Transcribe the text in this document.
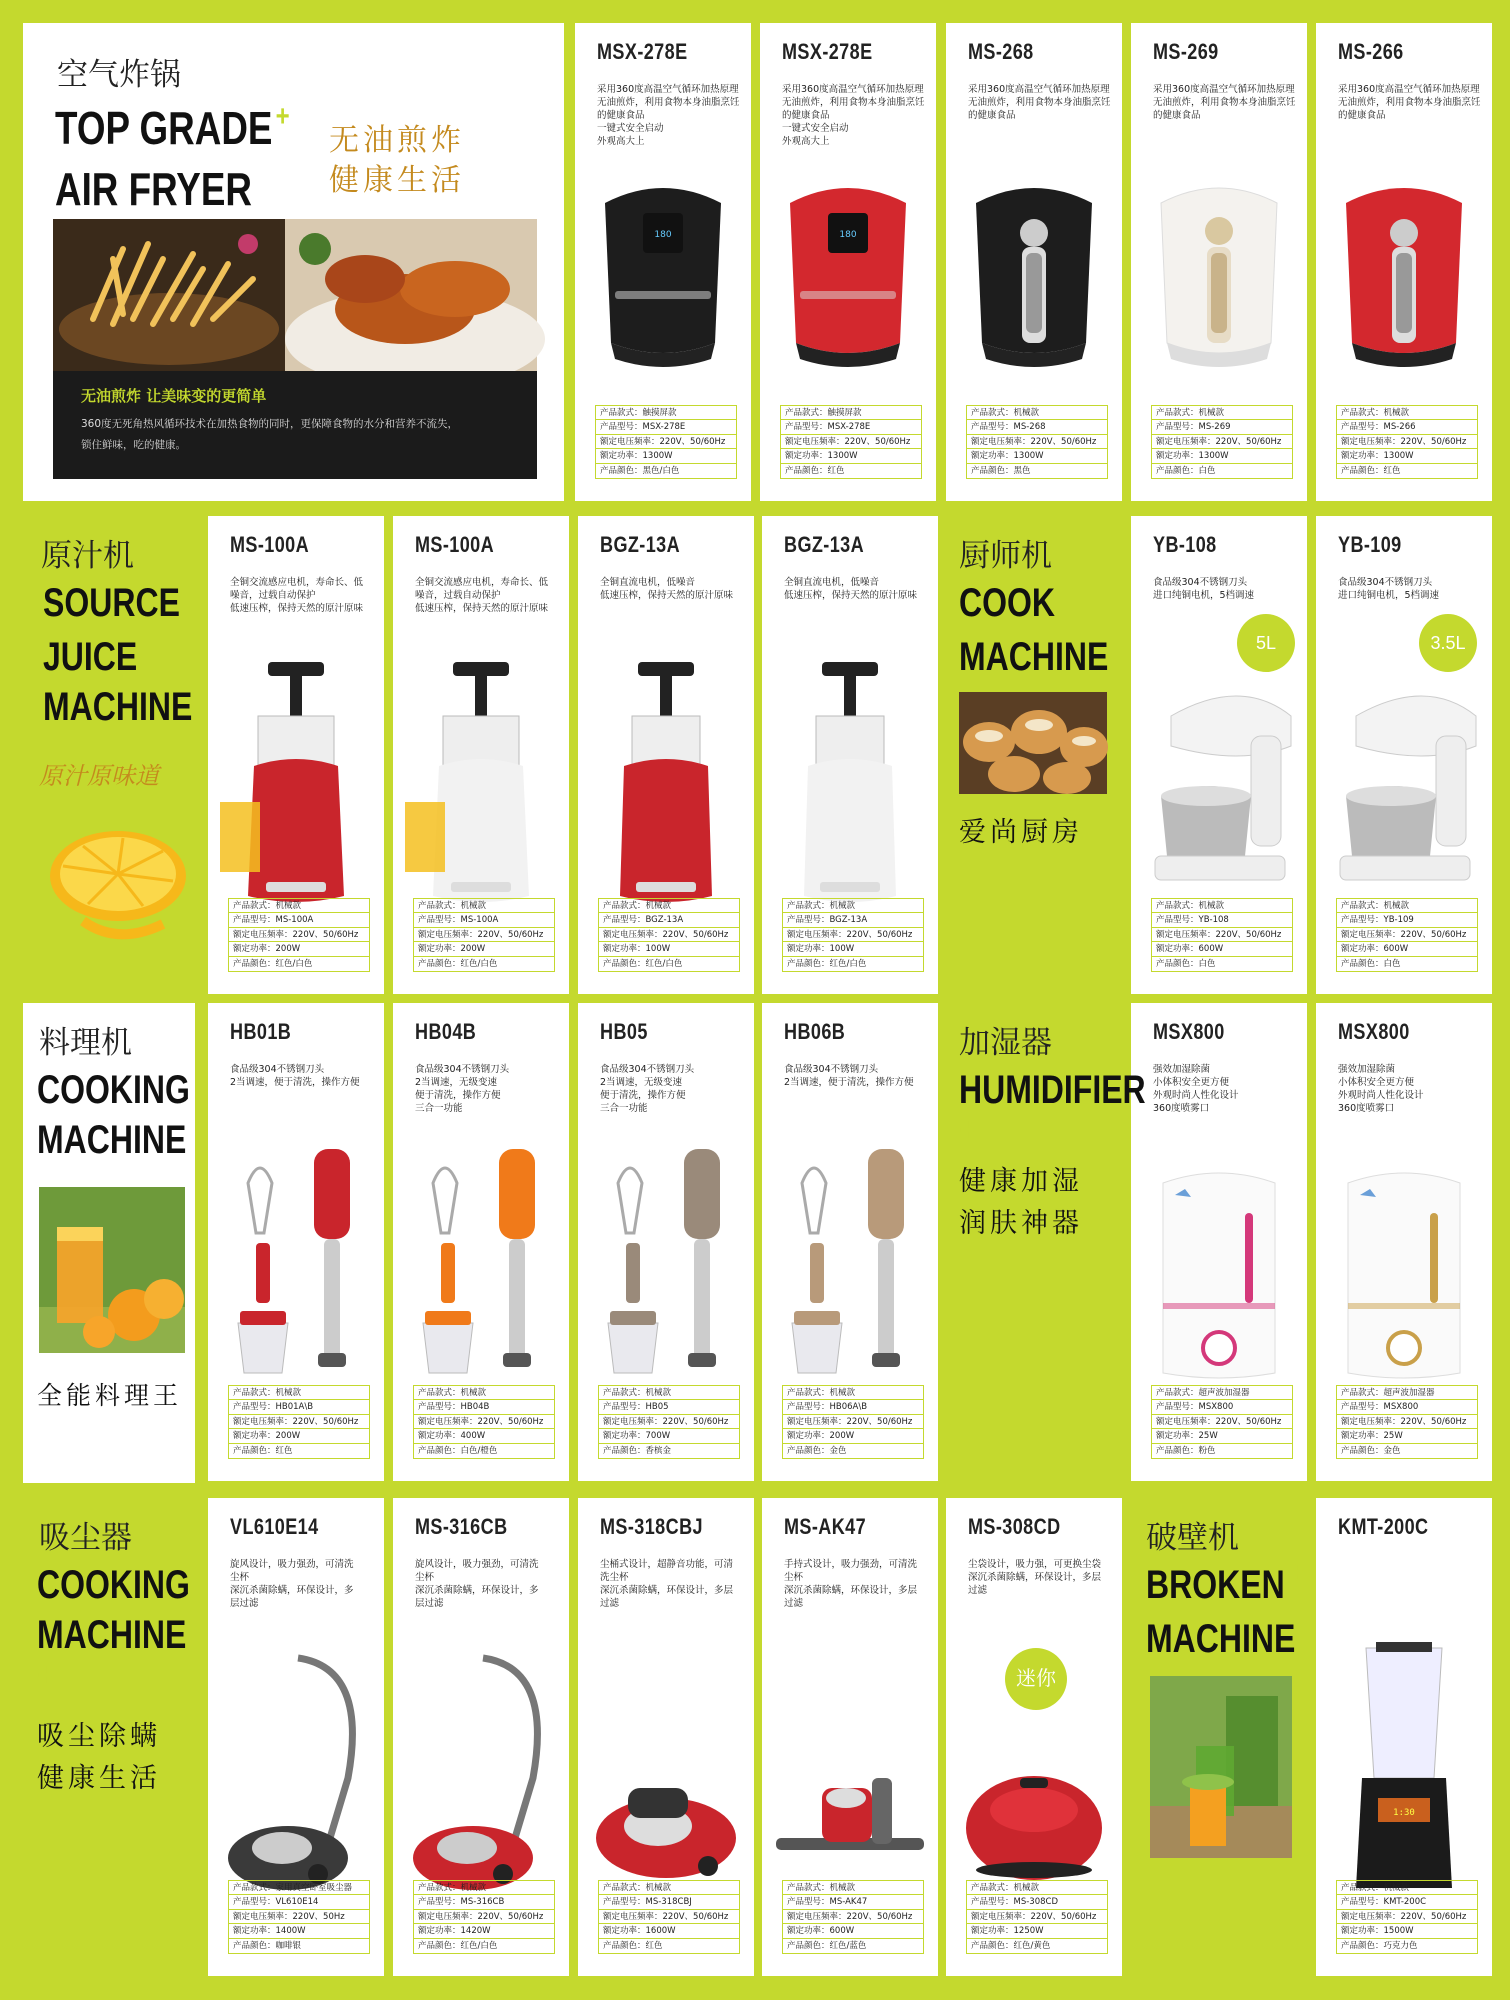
空气炸锅
TOP GRADE +
AIR FRYER
无油煎炸
健康生活
无油煎炸 让美味变的更简单
360度无死角热风循环技术在加热食物的同时，更保障食物的水分和营养不流失，
锁住鲜味，吃的健康。
MSX-278E
采用360度高温空气循环加热原理
无油煎炸，利用食物本身油脂烹饪
的健康食品
一键式安全启动
外观高大上
180
产品款式：触摸屏款
产品型号：MSX-278E
额定电压频率：220V、50/60Hz
额定功率：1300W
产品颜色：黑色/白色
MSX-278E
采用360度高温空气循环加热原理
无油煎炸，利用食物本身油脂烹饪
的健康食品
一键式安全启动
外观高大上
180
产品款式：触摸屏款
产品型号：MSX-278E
额定电压频率：220V、50/60Hz
额定功率：1300W
产品颜色：红色
MS-268
采用360度高温空气循环加热原理
无油煎炸，利用食物本身油脂烹饪
的健康食品
产品款式：机械款
产品型号：MS-268
额定电压频率：220V、50/60Hz
额定功率：1300W
产品颜色：黑色
MS-269
采用360度高温空气循环加热原理
无油煎炸，利用食物本身油脂烹饪
的健康食品
产品款式：机械款
产品型号：MS-269
额定电压频率：220V、50/60Hz
额定功率：1300W
产品颜色：白色
MS-266
采用360度高温空气循环加热原理
无油煎炸，利用食物本身油脂烹饪
的健康食品
产品款式：机械款
产品型号：MS-266
额定电压频率：220V、50/60Hz
额定功率：1300W
产品颜色：红色
MS-100A
全铜交流感应电机，寿命长、低
噪音，过载自动保护
低速压榨，保持天然的原汁原味
产品款式：机械款
产品型号：MS-100A
额定电压频率：220V、50/60Hz
额定功率：200W
产品颜色：红色/白色
MS-100A
全铜交流感应电机，寿命长、低
噪音，过载自动保护
低速压榨，保持天然的原汁原味
产品款式：机械款
产品型号：MS-100A
额定电压频率：220V、50/60Hz
额定功率：200W
产品颜色：红色/白色
BGZ-13A
全铜直流电机，低噪音
低速压榨，保持天然的原汁原味
产品款式：机械款
产品型号：BGZ-13A
额定电压频率：220V、50/60Hz
额定功率：100W
产品颜色：红色/白色
BGZ-13A
全铜直流电机，低噪音
低速压榨，保持天然的原汁原味
产品款式：机械款
产品型号：BGZ-13A
额定电压频率：220V、50/60Hz
额定功率：100W
产品颜色：红色/白色
YB-108
食品级304不锈钢刀头
进口纯铜电机，5档调速
产品款式：机械款
产品型号：YB-108
额定电压频率：220V、50/60Hz
额定功率：600W
产品颜色：白色
YB-109
食品级304不锈钢刀头
进口纯铜电机，5档调速
产品款式：机械款
产品型号：YB-109
额定电压频率：220V、50/60Hz
额定功率：600W
产品颜色：白色
HB01B
食品级304不锈钢刀头
2当调速，便于清洗，操作方便
产品款式：机械款
产品型号：HB01A\B
额定电压频率：220V、50/60Hz
额定功率：200W
产品颜色：红色
HB04B
食品级304不锈钢刀头
2当调速，无级变速
便于清洗，操作方便
三合一功能
产品款式：机械款
产品型号：HB04B
额定电压频率：220V、50/60Hz
额定功率：400W
产品颜色：白色/橙色
HB05
食品级304不锈钢刀头
2当调速，无级变速
便于清洗，操作方便
三合一功能
产品款式：机械款
产品型号：HB05
额定电压频率：220V、50/60Hz
额定功率：700W
产品颜色：香槟金
HB06B
食品级304不锈钢刀头
2当调速，便于清洗，操作方便
产品款式：机械款
产品型号：HB06A\B
额定电压频率：220V、50/60Hz
额定功率：200W
产品颜色：金色
MSX800
强效加湿除菌
小体积安全更方便
外观时尚人性化设计
360度喷雾口
产品款式：超声波加湿器
产品型号：MSX800
额定电压频率：220V、50/60Hz
额定功率：25W
产品颜色：粉色
MSX800
强效加湿除菌
小体积安全更方便
外观时尚人性化设计
360度喷雾口
产品款式：超声波加湿器
产品型号：MSX800
额定电压频率：220V、50/60Hz
额定功率：25W
产品颜色：金色
VL610E14
旋风设计，吸力强劲，可清洗
尘杯
深沉杀菌除螨，环保设计，多
层过滤
产品款式：家用真空卧室吸尘器
产品型号：VL610E14
额定电压频率：220V、50Hz
额定功率：1400W
产品颜色：咖啡银
MS-316CB
旋风设计，吸力强劲，可清洗
尘杯
深沉杀菌除螨，环保设计，多
层过滤
产品款式：机械款
产品型号：MS-316CB
额定电压频率：220V、50/60Hz
额定功率：1420W
产品颜色：红色/白色
MS-318CBJ
尘桶式设计，超静音功能，可清
洗尘杯
深沉杀菌除螨，环保设计，多层
过滤
产品款式：机械款
产品型号：MS-318CBJ
额定电压频率：220V、50/60Hz
额定功率：1600W
产品颜色：红色
MS-AK47
手持式设计，吸力强劲，可清洗
尘杯
深沉杀菌除螨，环保设计，多层
过滤
产品款式：机械款
产品型号：MS-AK47
额定电压频率：220V、50/60Hz
额定功率：600W
产品颜色：红色/蓝色
MS-308CD
尘袋设计，吸力强，可更换尘袋
深沉杀菌除螨，环保设计，多层
过滤
产品款式：机械款
产品型号：MS-308CD
额定电压频率：220V、50/60Hz
额定功率：1250W
产品颜色：红色/黄色
KMT-200C
1:30
产品款式：机械款
产品型号：KMT-200C
额定电压频率：220V、50/60Hz
额定功率：1500W
产品颜色：巧克力色
原汁机
SOURCE +
JUICE
MACHINE
原汁原味道
厨师机
COOK +
MACHINE
爱尚厨房
料理机
COOKING
MACHINE
全能料理王
加湿器
HUMIDIFIER
+
健康加湿
润肤神器
吸尘器
COOKING
MACHINE
+
吸尘除螨
健康生活
破壁机
BROKEN +
MACHINE
5L	3.5L
迷你
